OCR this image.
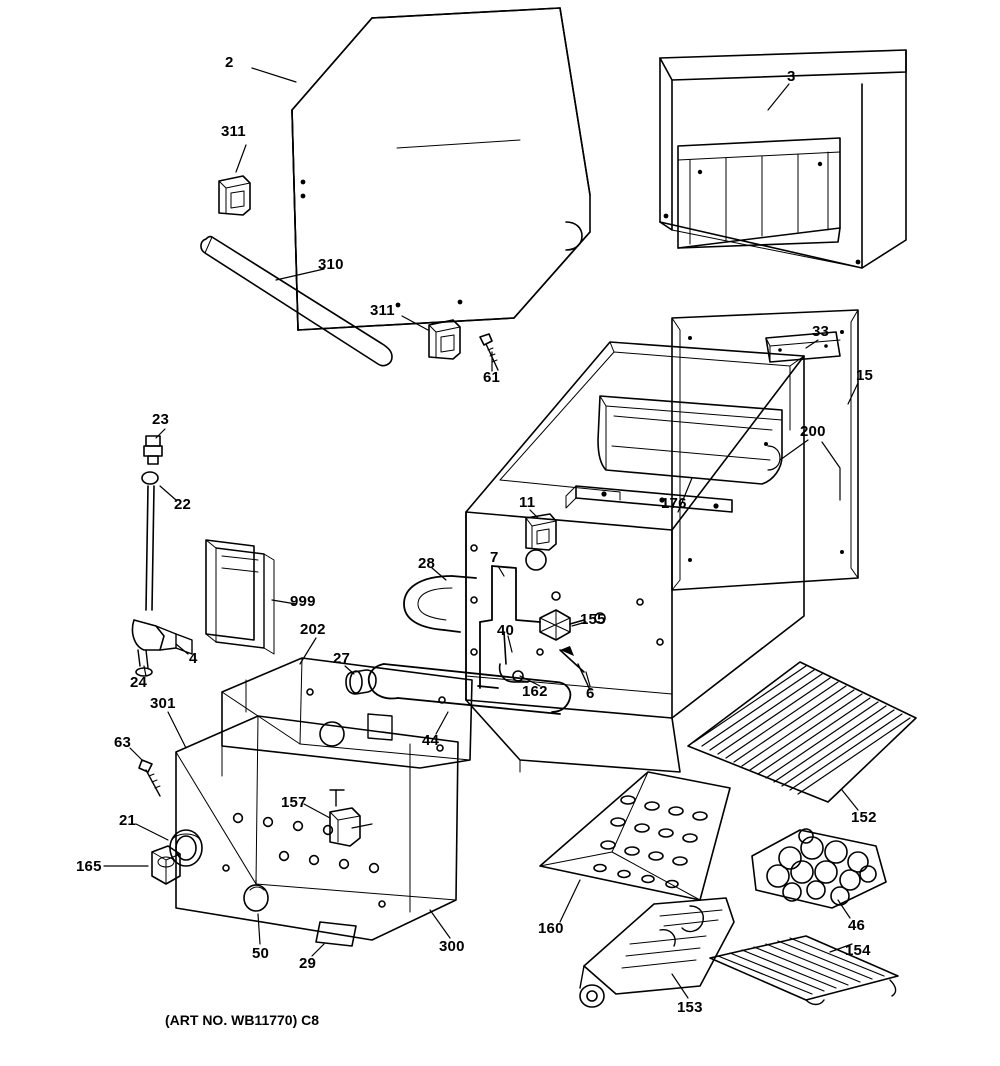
2
3
311
310
311
61
33
15
200
23
22	11	176
999
28	7
155
40
202
4
24
27
162	6
44
301
63
152
21
157
165
46
154
160
50
29
300
153
(ART NO. WB11770) C8
